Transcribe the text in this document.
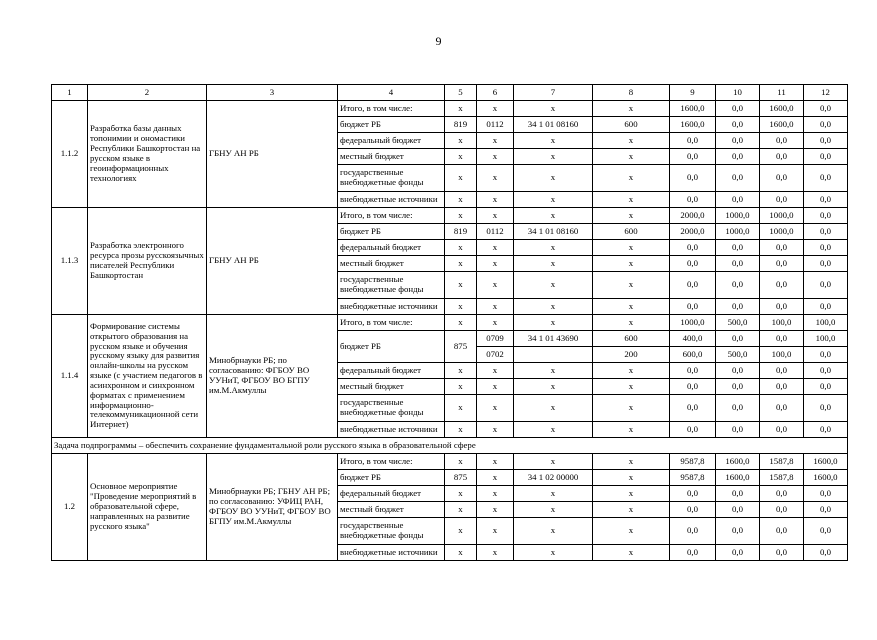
9
1	2	3	4	5	6	7	8	9	10	11	12
1.1.2	Разработка базы данных топонимии и ономастики Республики Башкортостан на русском языке в геоинформационных технологиях	ГБНУ АН РБ	Итого, в том числе:	x	x	x	x	1600,0	0,0	1600,0	0,0
			бюджет РБ	819	0112	34 1 01 08160	600	1600,0	0,0	1600,0	0,0
			федеральный бюджет	x	x	x	x	0,0	0,0	0,0	0,0
			местный бюджет	x	x	x	x	0,0	0,0	0,0	0,0
			государственные внебюджетные фонды	x	x	x	x	0,0	0,0	0,0	0,0
			внебюджетные источники	x	x	x	x	0,0	0,0	0,0	0,0
1.1.3	Разработка электронного ресурса прозы русскоязычных писателей Республики Башкортостан	ГБНУ АН РБ	Итого, в том числе:	x	x	x	x	2000,0	1000,0	1000,0	0,0
			бюджет РБ	819	0112	34 1 01 08160	600	2000,0	1000,0	1000,0	0,0
			федеральный бюджет	x	x	x	x	0,0	0,0	0,0	0,0
			местный бюджет	x	x	x	x	0,0	0,0	0,0	0,0
			государственные внебюджетные фонды	x	x	x	x	0,0	0,0	0,0	0,0
			внебюджетные источники	x	x	x	x	0,0	0,0	0,0	0,0
1.1.4	Формирование системы открытого образования на русском языке и обучения русскому языку для развития онлайн-школы на русском языке (с участием педагогов в асинхронном и синхронном форматах с применением информационно-телекоммуникационной сети Интернет)	Минобрнауки РБ; по согласованию: ФГБОУ ВО УУНиТ, ФГБОУ ВО БГПУ им.М.Акмуллы	Итого, в том числе:	x	x	x	x	1000,0	500,0	100,0	100,0
			бюджет РБ	875	0709	34 1 01 43690	600	400,0	0,0	0,0	100,0
					0702		200	600,0	500,0	100,0	0,0
			федеральный бюджет	x	x	x	x	0,0	0,0	0,0	0,0
			местный бюджет	x	x	x	x	0,0	0,0	0,0	0,0
			государственные внебюджетные фонды	x	x	x	x	0,0	0,0	0,0	0,0
			внебюджетные источники	x	x	x	x	0,0	0,0	0,0	0,0
Задача подпрограммы – обеспечить сохранение фундаментальной роли русского языка в образовательной сфере											
1.2	Основное мероприятие "Проведение мероприятий в образовательной сфере, направленных на развитие русского языка"	Минобрнауки РБ; ГБНУ АН РБ; по согласованию: УФИЦ РАН, ФГБОУ ВО УУНиТ, ФГБОУ ВО БГПУ им.М.Акмуллы	Итого, в том числе:	x	x	x	x	9587,8	1600,0	1587,8	1600,0
			бюджет РБ	875	x	34 1 02 00000	x	9587,8	1600,0	1587,8	1600,0
			федеральный бюджет	x	x	x	x	0,0	0,0	0,0	0,0
			местный бюджет	x	x	x	x	0,0	0,0	0,0	0,0
			государственные внебюджетные фонды	x	x	x	x	0,0	0,0	0,0	0,0
			внебюджетные источники	x	x	x	x	0,0	0,0	0,0	0,0
